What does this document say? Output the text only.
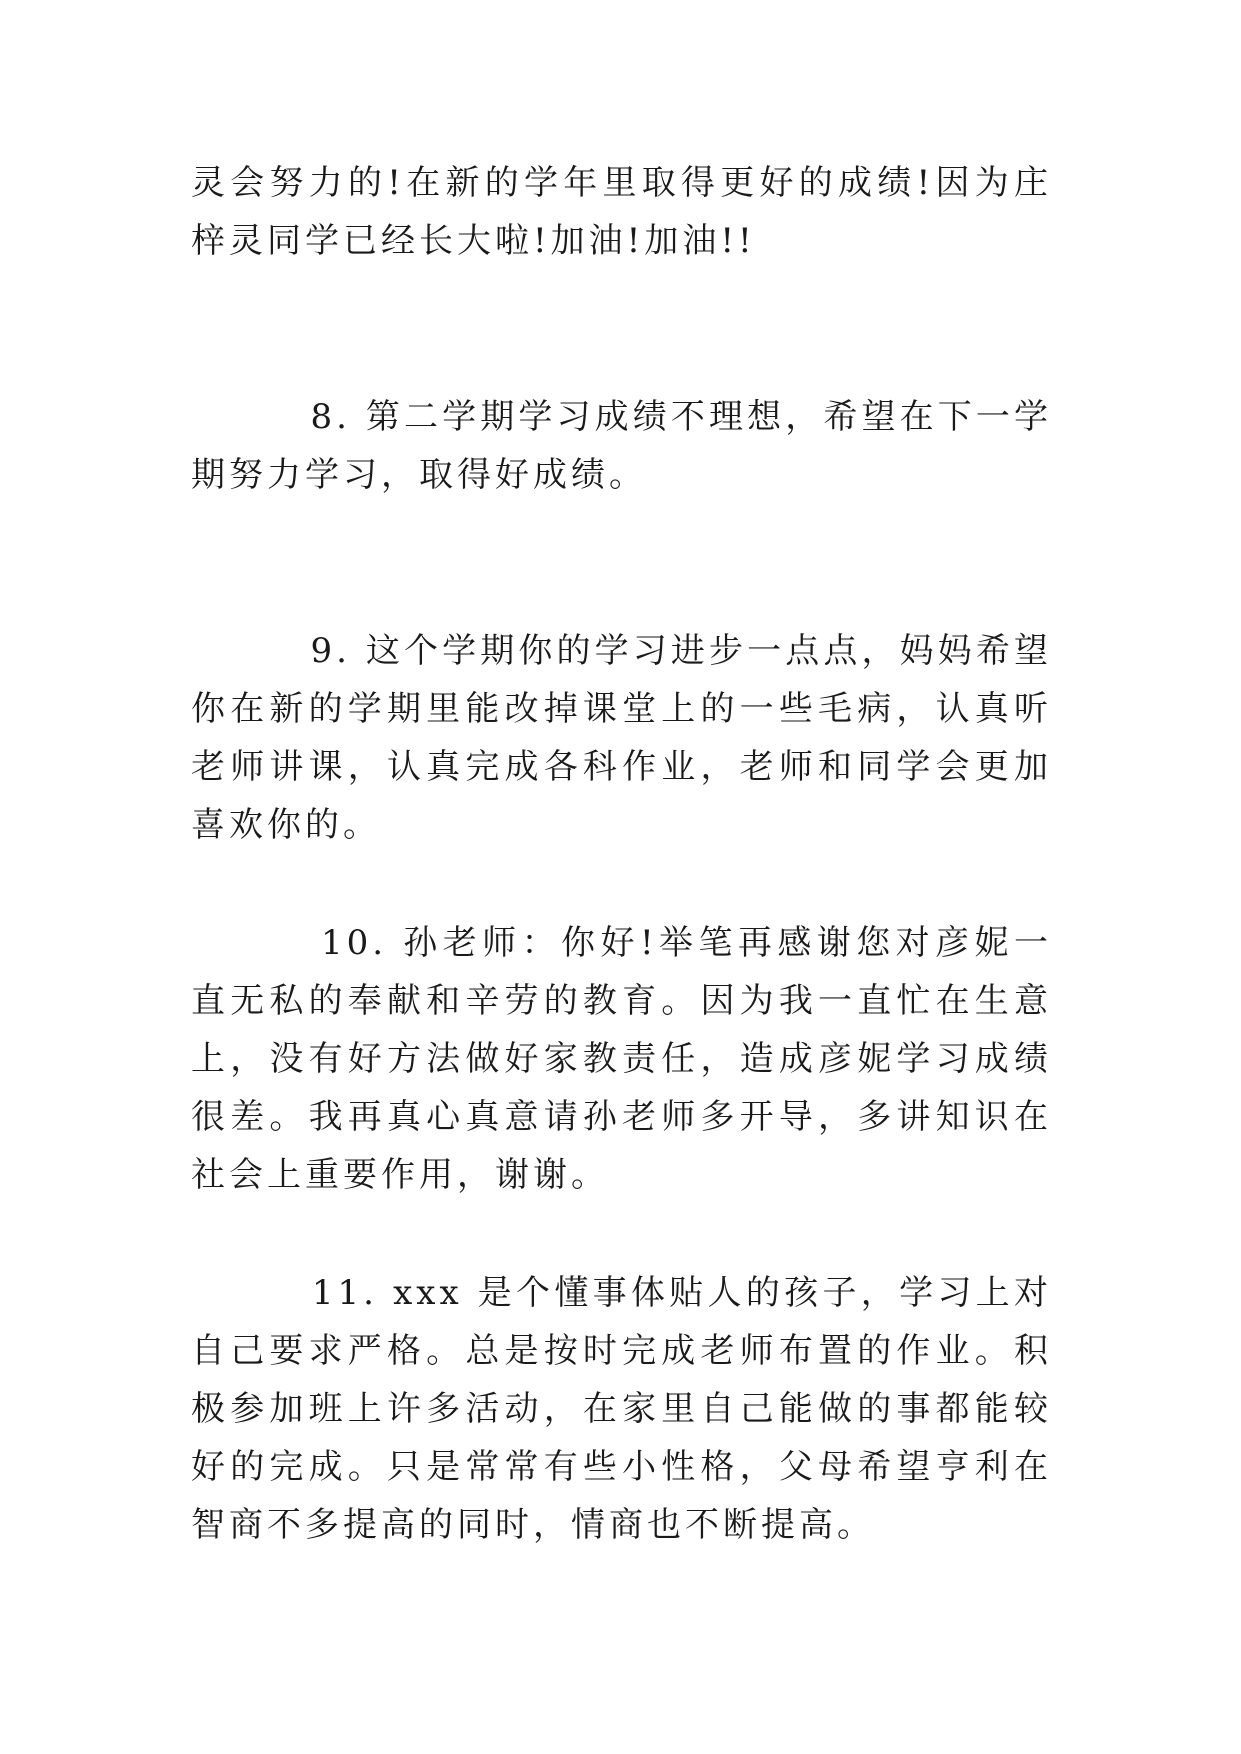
灵会努力的!在新的学年里取得更好的成绩!因为庄梓灵同学已经长大啦!加油!加油!!

8. 第二学期学习成绩不理想，希望在下一学期努力学习，取得好成绩。

9. 这个学期你的学习进步一点点，妈妈希望你在新的学期里能改掉课堂上的一些毛病，认真听老师讲课，认真完成各科作业，老师和同学会更加喜欢你的。

10. 孙老师：你好!举笔再感谢您对彦妮一直无私的奉献和辛劳的教育。因为我一直忙在生意上，没有好方法做好家教责任，造成彦妮学习成绩很差。我再真心真意请孙老师多开导，多讲知识在社会上重要作用，谢谢。

11. xxx 是个懂事体贴人的孩子，学习上对自己要求严格。总是按时完成老师布置的作业。积极参加班上许多活动，在家里自己能做的事都能较好的完成。只是常常有些小性格，父母希望亨利在智商不多提高的同时，情商也不断提高。
